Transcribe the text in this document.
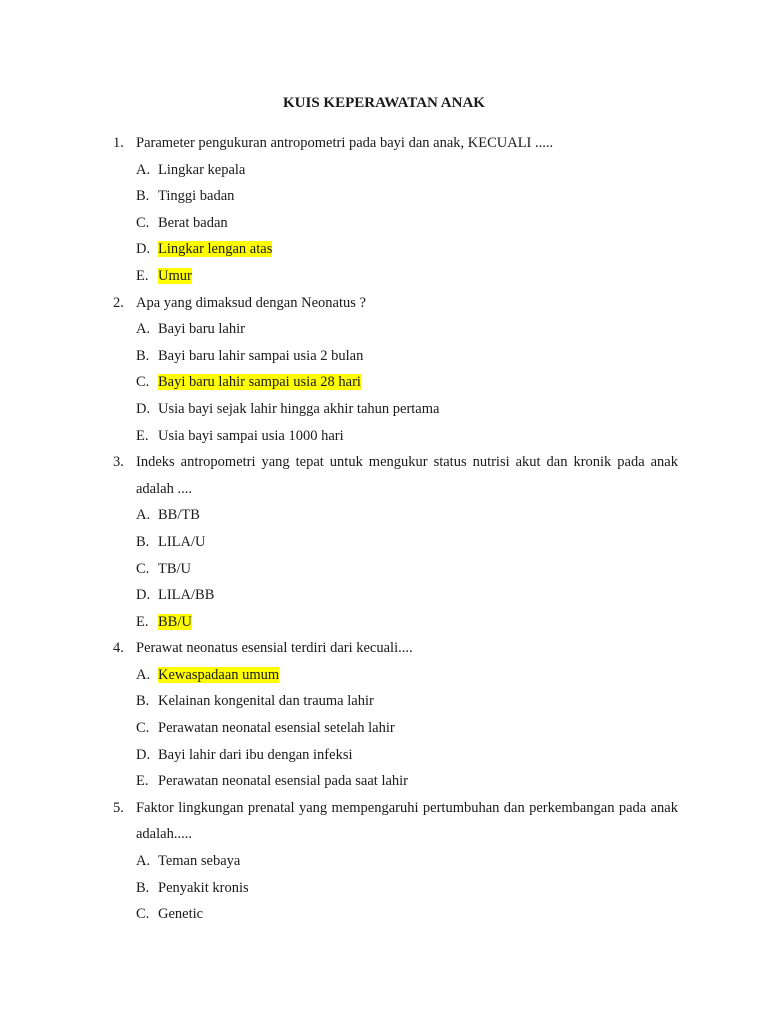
KUIS KEPERAWATAN ANAK
1. Parameter pengukuran antropometri pada bayi dan anak, KECUALI .....
A. Lingkar kepala
B. Tinggi badan
C. Berat badan
D. Lingkar lengan atas
E. Umur
2. Apa yang dimaksud dengan Neonatus ?
A. Bayi baru lahir
B. Bayi baru lahir sampai usia 2 bulan
C. Bayi baru lahir sampai usia 28 hari
D. Usia bayi sejak lahir hingga akhir tahun pertama
E. Usia bayi sampai usia 1000 hari
3. Indeks antropometri yang tepat untuk mengukur status nutrisi akut dan kronik pada anak adalah ....
A. BB/TB
B. LILA/U
C. TB/U
D. LILA/BB
E. BB/U
4. Perawat neonatus esensial terdiri dari kecuali....
A. Kewaspadaan umum
B. Kelainan kongenital dan trauma lahir
C. Perawatan neonatal esensial setelah lahir
D. Bayi lahir dari ibu dengan infeksi
E. Perawatan neonatal esensial pada saat lahir
5. Faktor lingkungan prenatal yang mempengaruhi pertumbuhan dan perkembangan pada anak adalah.....
A. Teman sebaya
B. Penyakit kronis
C. Genetic
